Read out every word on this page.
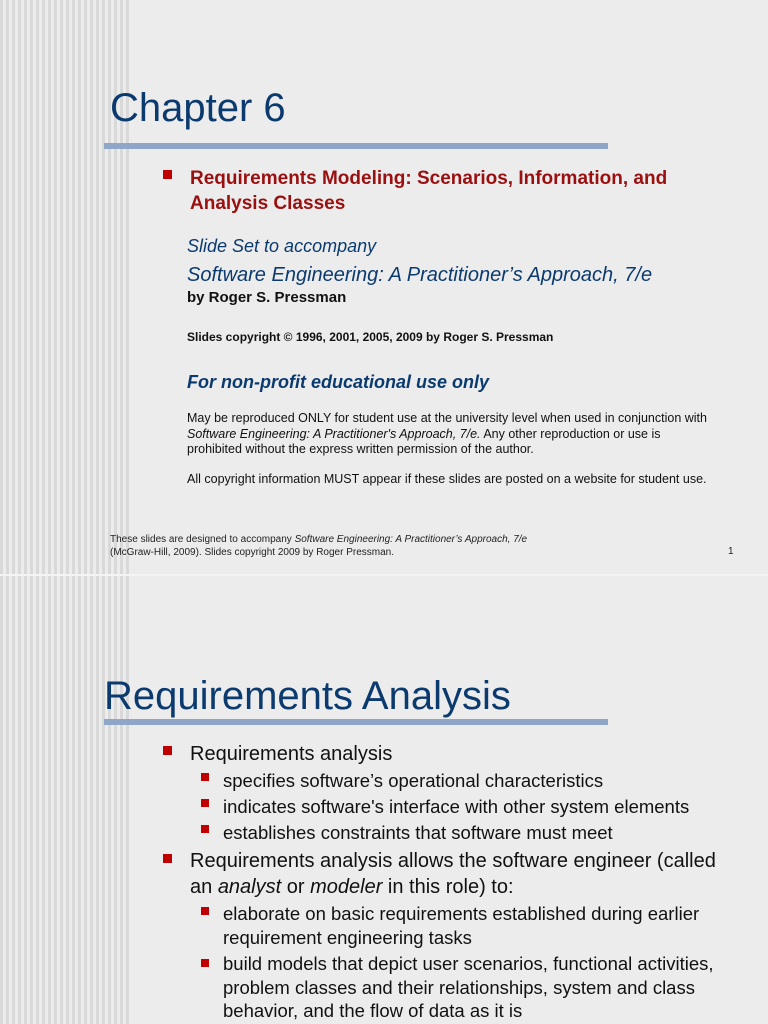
Chapter 6

Requirements Modeling: Scenarios, Information, and Analysis Classes

Slide Set to accompany

Software Engineering: A Practitioner’s Approach, 7/e

by Roger S. Pressman

Slides copyright © 1996, 2001, 2005, 2009 by Roger S. Pressman

For non-profit educational use only

May be reproduced ONLY for student use at the university level when used in conjunction with Software Engineering: A Practitioner's Approach, 7/e. Any other reproduction or use is prohibited without the express written permission of the author.

All copyright information MUST appear if these slides are posted on a website for student use.

These slides are designed to accompany Software Engineering: A Practitioner’s Approach, 7/e (McGraw-Hill, 2009). Slides copyright 2009 by Roger Pressman.	1

Requirements Analysis

Requirements analysis

specifies software’s operational characteristics

indicates software's interface with other system elements

establishes constraints that software must meet

Requirements analysis allows the software engineer (called an analyst or modeler in this role) to:

elaborate on basic requirements established during earlier requirement engineering tasks

build models that depict user scenarios, functional activities, problem classes and their relationships, system and class behavior, and the flow of data as it is
